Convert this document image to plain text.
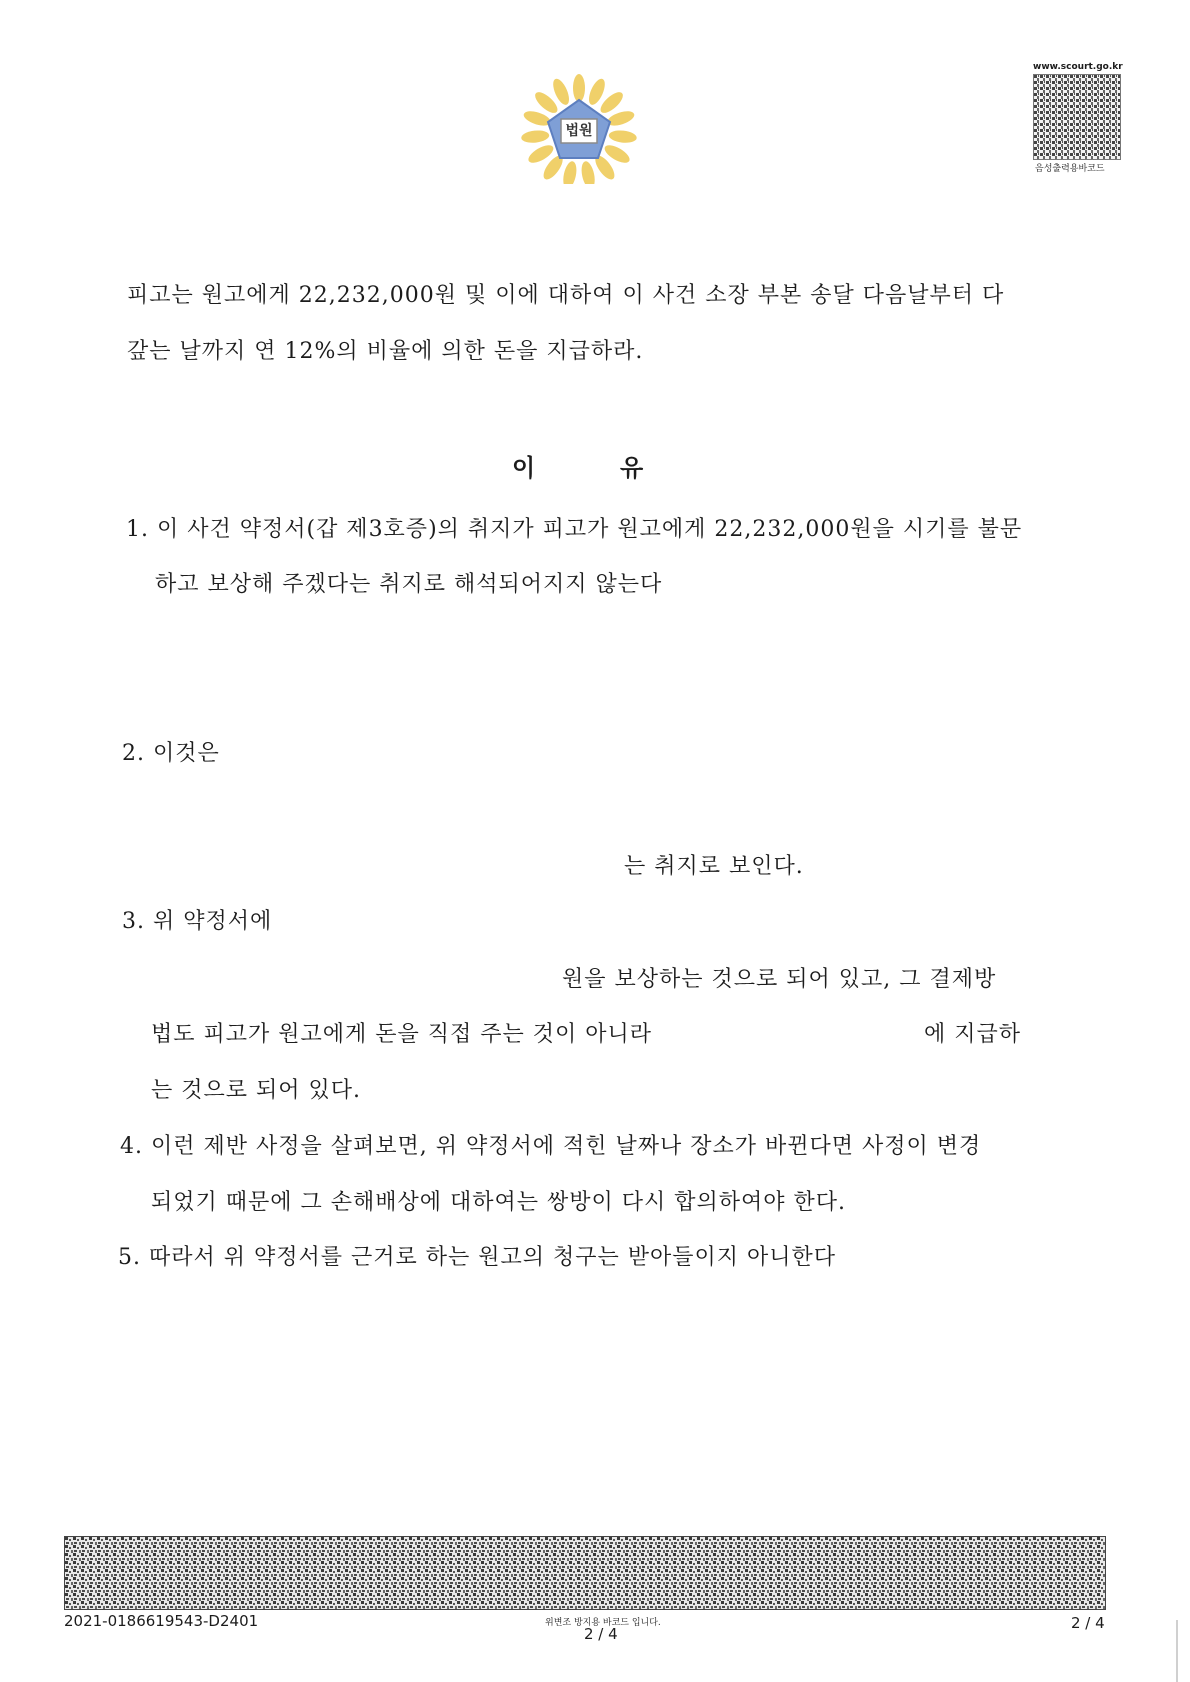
법원
www.scourt.go.kr
음성출력용바코드
피고는 원고에게 22,232,000원 및 이에 대하여 이 사건 소장 부본 송달 다음날부터 다
갚는 날까지 연 12%의 비율에 의한 돈을 지급하라.
이	유
1. 이 사건 약정서(갑 제3호증)의 취지가 피고가 원고에게 22,232,000원을 시기를 불문
하고 보상해 주겠다는 취지로 해석되어지지 않는다
2. 이것은
는 취지로 보인다.
3. 위 약정서에
원을 보상하는 것으로 되어 있고, 그 결제방
법도 피고가 원고에게 돈을 직접 주는 것이 아니라	에 지급하
는 것으로 되어 있다.
4. 이런 제반 사정을 살펴보면, 위 약정서에 적힌 날짜나 장소가 바뀐다면 사정이 변경
되었기 때문에 그 손해배상에 대하여는 쌍방이 다시 합의하여야 한다.
5. 따라서 위 약정서를 근거로 하는 원고의 청구는 받아들이지 아니한다
2021-0186619543-D2401	위변조 방지용 바코드 입니다.
2 / 4
2 / 4
